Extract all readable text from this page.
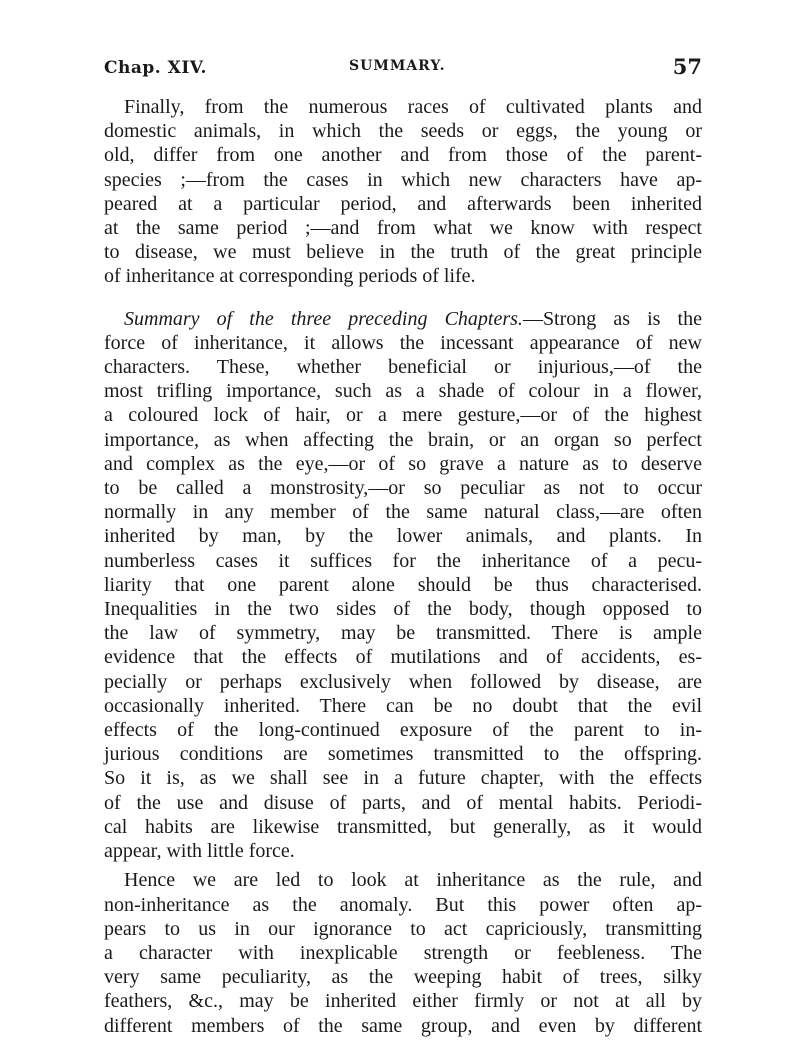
Chap. XIV.	SUMMARY.	57

Finally, from the numerous races of cultivated plants and
domestic animals, in which the seeds or eggs, the young or
old, differ from one another and from those of the parent-
species ;—from the cases in which new characters have ap-
peared at a particular period, and afterwards been inherited
at the same period ;—and from what we know with respect
to disease, we must believe in the truth of the great principle
of inheritance at corresponding periods of life.

Summary of the three preceding Chapters.—Strong as is the
force of inheritance, it allows the incessant appearance of new
characters. These, whether beneficial or injurious,—of the
most trifling importance, such as a shade of colour in a flower,
a coloured lock of hair, or a mere gesture,—or of the highest
importance, as when affecting the brain, or an organ so perfect
and complex as the eye,—or of so grave a nature as to deserve
to be called a monstrosity,—or so peculiar as not to occur
normally in any member of the same natural class,—are often
inherited by man, by the lower animals, and plants. In
numberless cases it suffices for the inheritance of a pecu-
liarity that one parent alone should be thus characterised.
Inequalities in the two sides of the body, though opposed to
the law of symmetry, may be transmitted. There is ample
evidence that the effects of mutilations and of accidents, es-
pecially or perhaps exclusively when followed by disease, are
occasionally inherited. There can be no doubt that the evil
effects of the long-continued exposure of the parent to in-
jurious conditions are sometimes transmitted to the offspring.
So it is, as we shall see in a future chapter, with the effects
of the use and disuse of parts, and of mental habits. Periodi-
cal habits are likewise transmitted, but generally, as it would
appear, with little force.

Hence we are led to look at inheritance as the rule, and
non-inheritance as the anomaly. But this power often ap-
pears to us in our ignorance to act capriciously, transmitting
a character with inexplicable strength or feebleness. The
very same peculiarity, as the weeping habit of trees, silky
feathers, &c., may be inherited either firmly or not at all by
different members of the same group, and even by different
